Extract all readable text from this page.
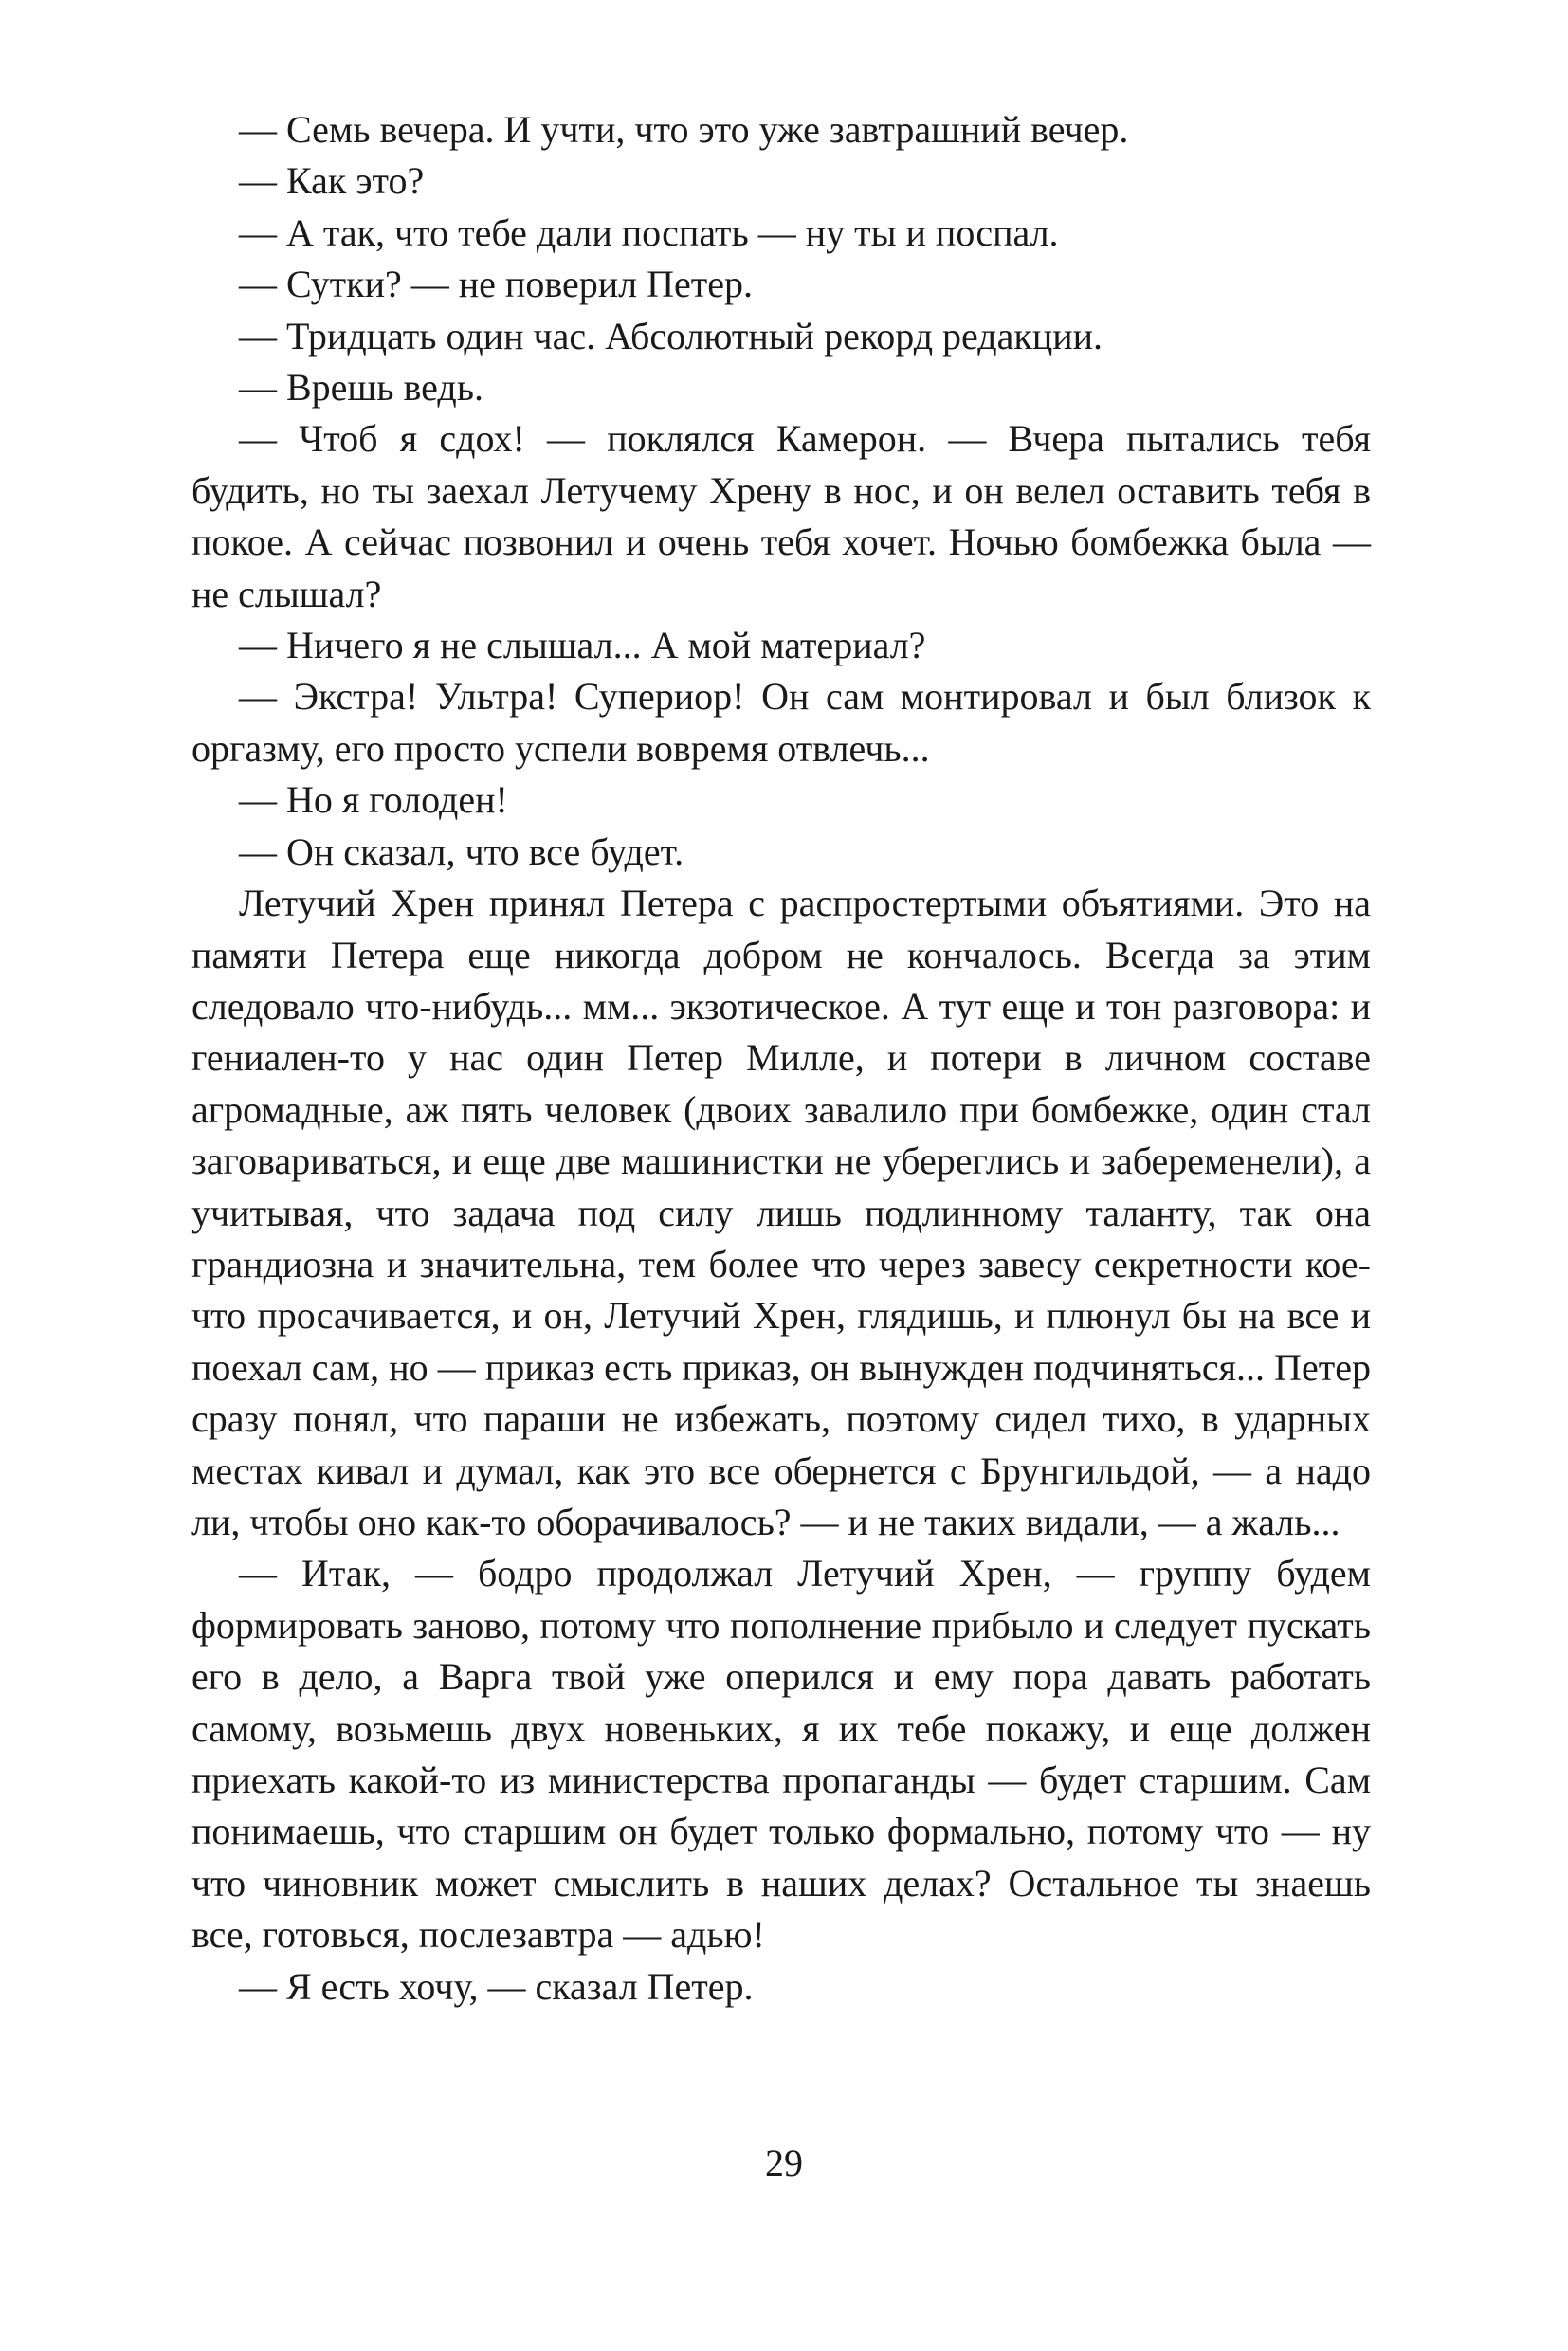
— Семь вечера. И учти, что это уже завтрашний вечер.

— Как это?

— А так, что тебе дали поспать — ну ты и поспал.

— Сутки? — не поверил Петер.

— Тридцать один час. Абсолютный рекорд редакции.

— Врешь ведь.

— Чтоб я сдох! — поклялся Камерон. — Вчера пытались тебя будить, но ты заехал Летучему Хрену в нос, и он велел оставить тебя в покое. А сейчас позвонил и очень тебя хочет. Ночью бомбежка была — не слышал?

— Ничего я не слышал... А мой материал?

— Экстра! Ультра! Супериор! Он сам монтировал и был близок к оргазму, его просто успели вовремя отвлечь...

— Но я голоден!

— Он сказал, что все будет.

Летучий Хрен принял Петера с распростертыми объятиями. Это на памяти Петера еще никогда добром не кончалось. Всегда за этим следовало что-нибудь... мм... экзотическое. А тут еще и тон разговора: и гениален-то у нас один Петер Милле, и потери в личном составе агромадные, аж пять человек (двоих завалило при бомбежке, один стал заговариваться, и еще две машинистки не убереглись и забеременели), а учитывая, что задача под силу лишь подлинному таланту, так она грандиозна и значительна, тем более что через завесу секретности кое-что просачивается, и он, Летучий Хрен, глядишь, и плюнул бы на все и поехал сам, но — приказ есть приказ, он вынужден подчиняться... Петер сразу понял, что параши не избежать, поэтому сидел тихо, в ударных местах кивал и думал, как это все обернется с Брунгильдой, — а надо ли, чтобы оно как-то оборачивалось? — и не таких видали, — а жаль...

— Итак, — бодро продолжал Летучий Хрен, — группу будем формировать заново, потому что пополнение прибыло и следует пускать его в дело, а Варга твой уже оперился и ему пора давать работать самому, возьмешь двух новеньких, я их тебе покажу, и еще должен приехать какой-то из министерства пропаганды — будет старшим. Сам понимаешь, что старшим он будет только формально, потому что — ну что чиновник может смыслить в наших делах? Остальное ты знаешь все, готовься, послезавтра — адью!

— Я есть хочу, — сказал Петер.

29
